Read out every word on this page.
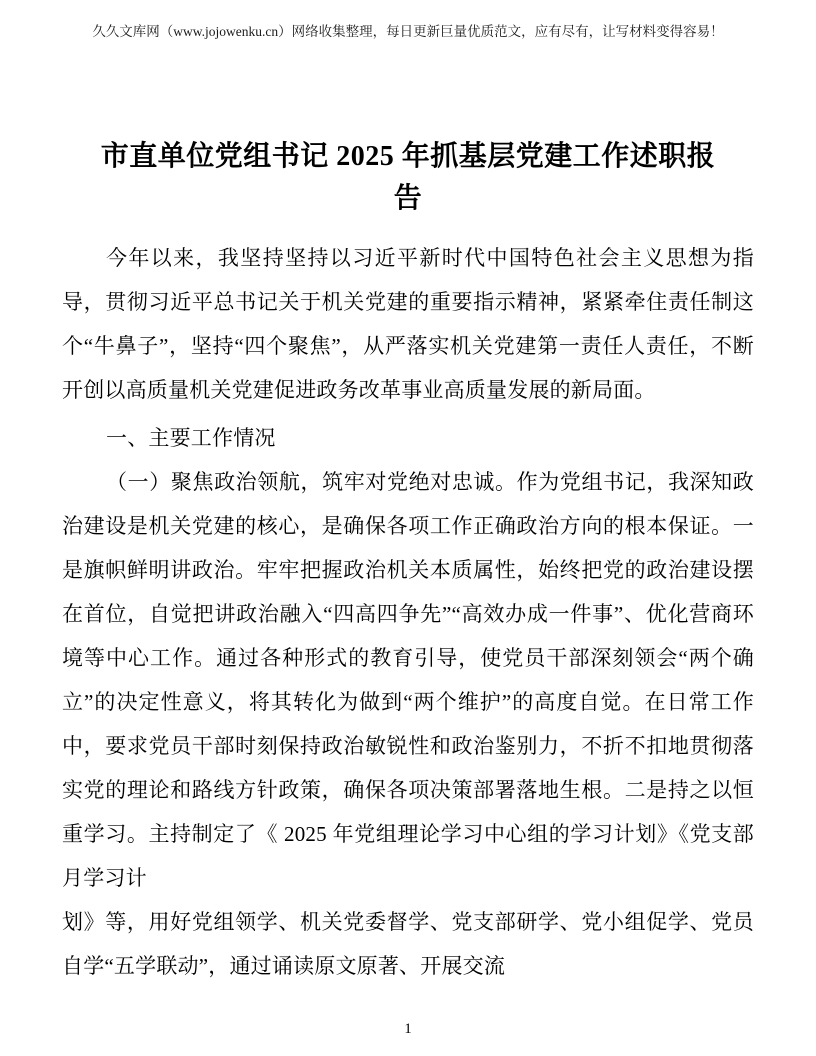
久久文库网（www.jojowenku.cn）网络收集整理，每日更新巨量优质范文，应有尽有，让写材料变得容易！
市直单位党组书记 2025 年抓基层党建工作述职报告

今年以来，我坚持坚持以习近平新时代中国特色社会主义思想为指导，贯彻习近平总书记关于机关党建的重要指示精神，紧紧牵住责任制这个“牛鼻子”，坚持“四个聚焦”，从严落实机关党建第一责任人责任，不断开创以高质量机关党建促进政务改革事业高质量发展的新局面。

一、主要工作情况

（一）聚焦政治领航，筑牢对党绝对忠诚。作为党组书记，我深知政治建设是机关党建的核心，是确保各项工作正确政治方向的根本保证。一是旗帜鲜明讲政治。牢牢把握政治机关本质属性，始终把党的政治建设摆在首位，自觉把讲政治融入“四高四争先”“高效办成一件事”、优化营商环境等中心工作。通过各种形式的教育引导，使党员干部深刻领会“两个确立”的决定性意义，将其转化为做到“两个维护”的高度自觉。在日常工作中，要求党员干部时刻保持政治敏锐性和政治鉴别力，不折不扣地贯彻落实党的理论和路线方针政策，确保各项决策部署落地生根。二是持之以恒重学习。主持制定了《 2025 年党组理论学习中心组的学习计划》《党支部月学习计

划》等，用好党组领学、机关党委督学、党支部研学、党小组促学、党员自学“五学联动”，通过诵读原文原著、开展交流

1
